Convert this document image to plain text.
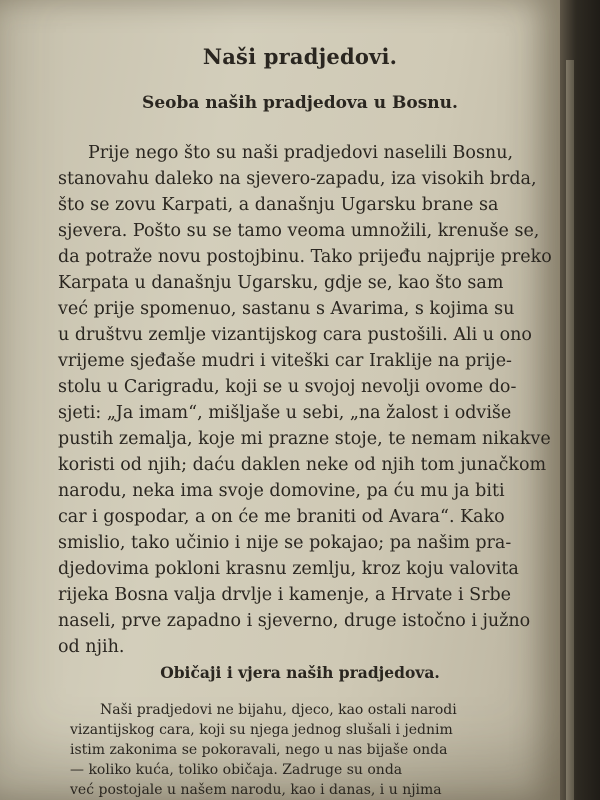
Naši pradjedovi.
Seoba naših pradjedova u Bosnu.
Prije nego što su naši pradjedovi naselili Bosnu,
stanovahu daleko na sjevero-zapadu, iza visokih brda,
što se zovu Karpati, a današnju Ugarsku brane sa
sjevera. Pošto su se tamo veoma umnožili, krenuše se,
da potraže novu postojbinu. Tako prijeđu najprije preko
Karpata u današnju Ugarsku, gdje se, kao što sam
već prije spomenuo, sastanu s Avarima, s kojima su
u društvu zemlje vizantijskog cara pustošili. Ali u ono
vrijeme sjeđaše mudri i viteški car Iraklije na prije-
stolu u Carigradu, koji se u svojoj nevolji ovome do-
sjeti: „Ja imam“, mišljaše u sebi, „na žalost i odviše
pustih zemalja, koje mi prazne stoje, te nemam nikakve
koristi od njih; daću daklen neke od njih tom junačkom
narodu, neka ima svoje domovine, pa ću mu ja biti
car i gospodar, a on će me braniti od Avara“. Kako
smislio, tako učinio i nije se pokajao; pa našim pra-
djedovima pokloni krasnu zemlju, kroz koju valovita
rijeka Bosna valja drvlje i kamenje, a Hrvate i Srbe
naseli, prve zapadno i sjeverno, druge istočno i južno
od njih.
Običaji i vjera naših pradjedova.
Naši pradjedovi ne bijahu, djeco, kao ostali narodi
vizantijskog cara, koji su njega jednog slušali i jednim
istim zakonima se pokoravali, nego u nas bijaše onda
— koliko kuća, toliko običaja. Zadruge su onda
već postojale u našem narodu, kao i danas, i u njima
